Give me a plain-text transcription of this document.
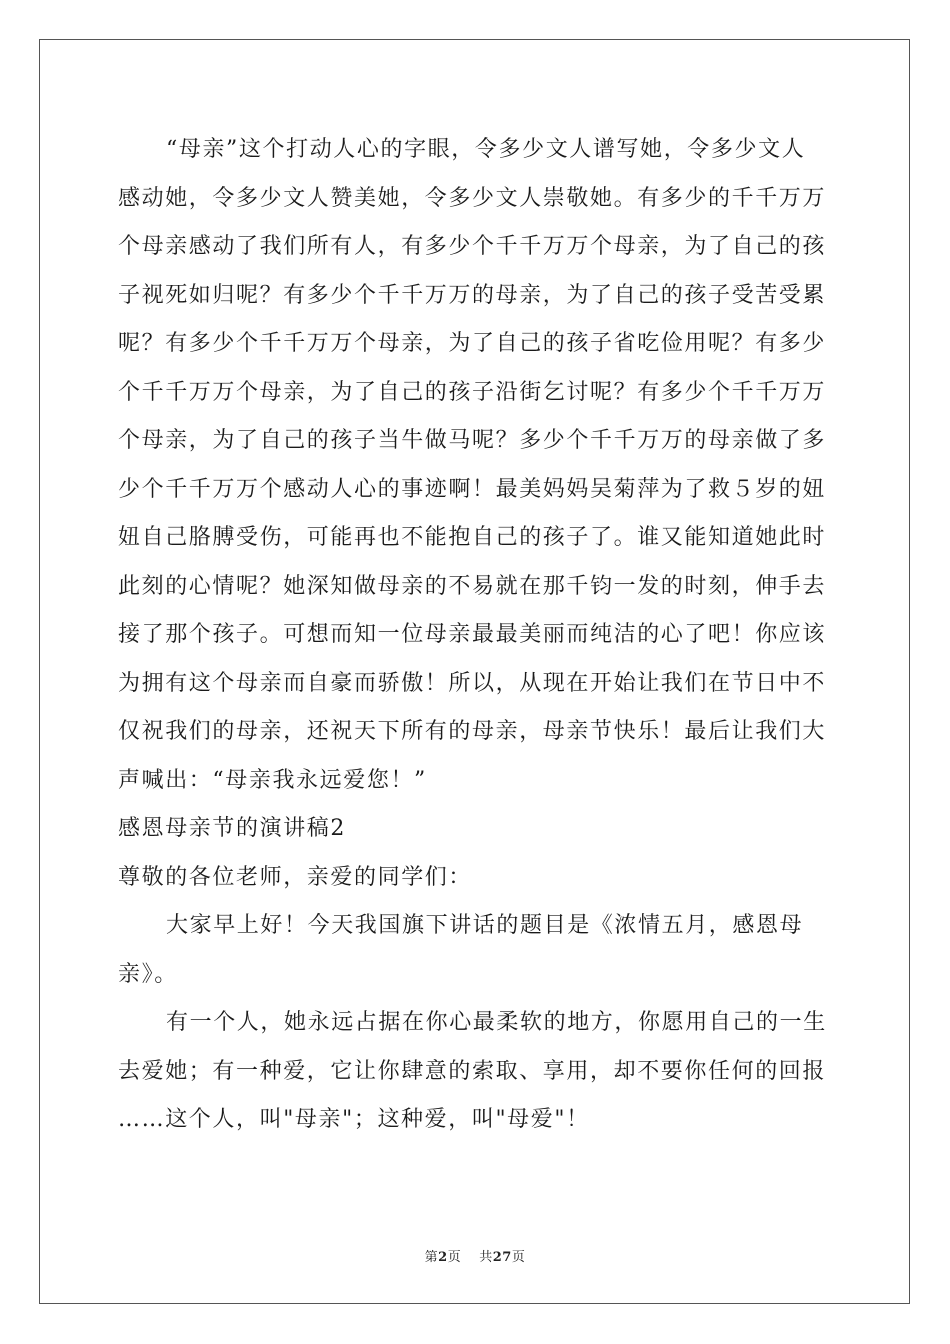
“母亲”这个打动人心的字眼，令多少文人谱写她，令多少文人
感动她，令多少文人赞美她，令多少文人崇敬她。有多少的千千万万
个母亲感动了我们所有人，有多少个千千万万个母亲，为了自己的孩
子视死如归呢？有多少个千千万万的母亲，为了自己的孩子受苦受累
呢？有多少个千千万万个母亲，为了自己的孩子省吃俭用呢？有多少
个千千万万个母亲，为了自己的孩子沿街乞讨呢？有多少个千千万万
个母亲，为了自己的孩子当牛做马呢？多少个千千万万的母亲做了多
少个千千万万个感动人心的事迹啊！最美妈妈吴菊萍为了救５岁的妞
妞自己胳膊受伤，可能再也不能抱自己的孩子了。谁又能知道她此时
此刻的心情呢？她深知做母亲的不易就在那千钧一发的时刻，伸手去
接了那个孩子。可想而知一位母亲最最美丽而纯洁的心了吧！你应该
为拥有这个母亲而自豪而骄傲！所以，从现在开始让我们在节日中不
仅祝我们的母亲，还祝天下所有的母亲，母亲节快乐！最后让我们大
声喊出：“母亲我永远爱您！”

感恩母亲节的演讲稿2

尊敬的各位老师，亲爱的同学们：

大家早上好！今天我国旗下讲话的题目是《浓情五月，感恩母
亲》。

有一个人，她永远占据在你心最柔软的地方，你愿用自己的一生
去爱她；有一种爱，它让你肆意的索取、享用，却不要你任何的回报
……这个人，叫"母亲"；这种爱，叫"母爱"！

第2页 共27页
